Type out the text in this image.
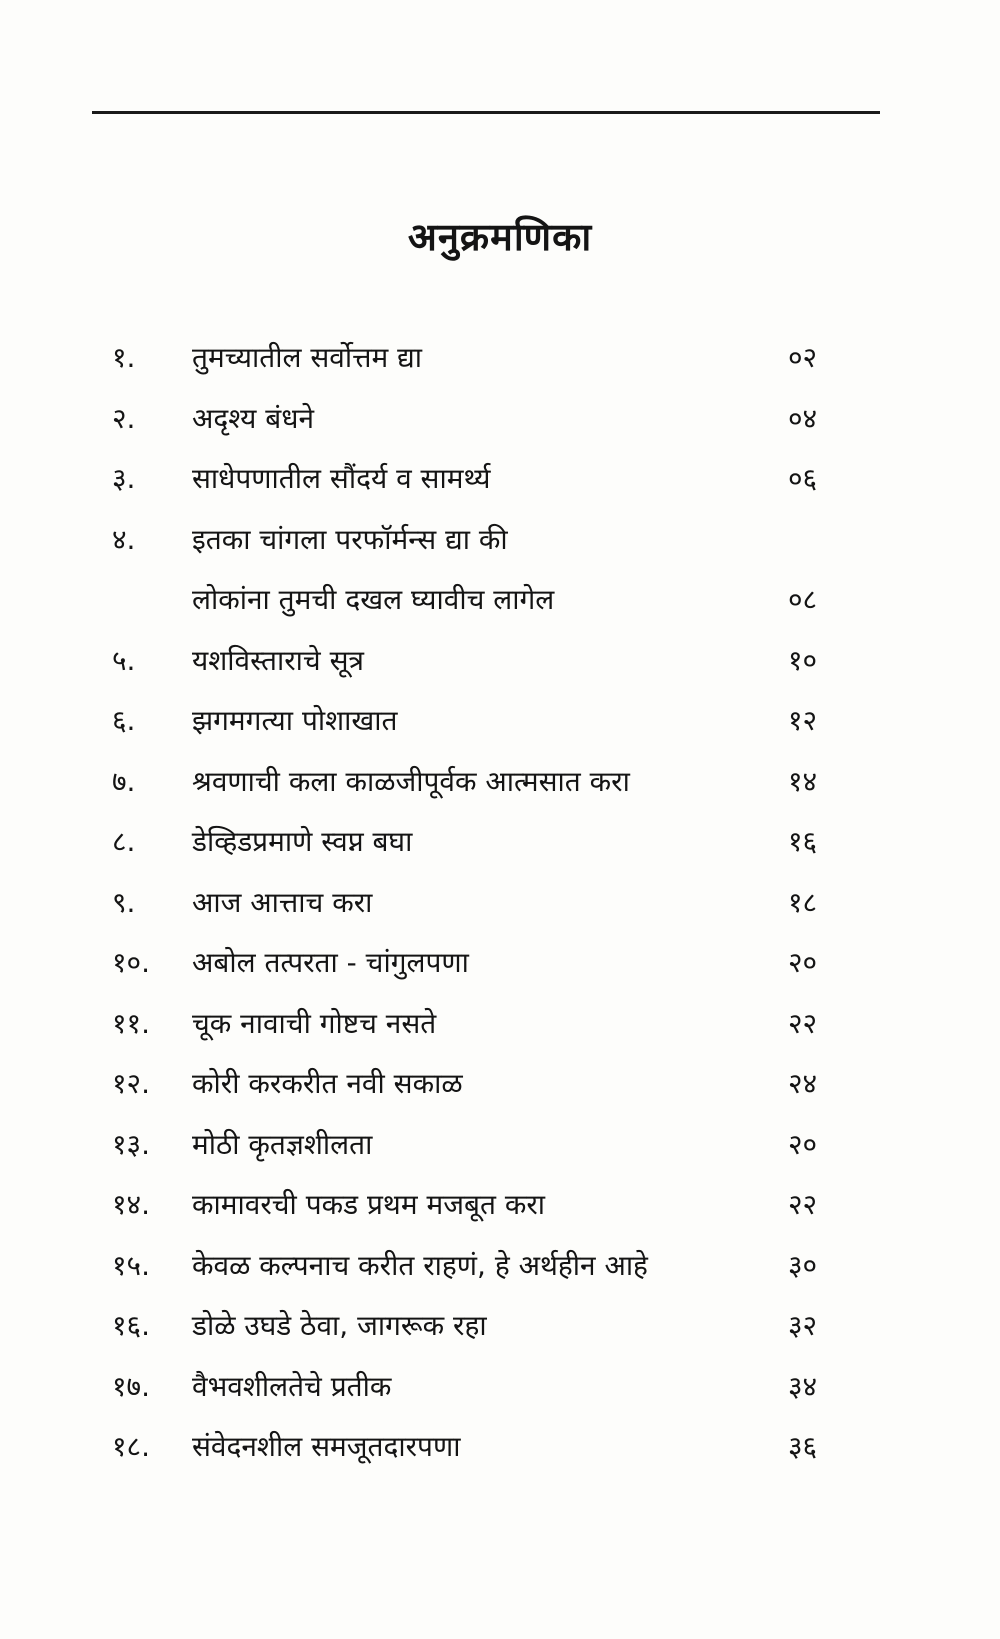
अनुक्रमणिका
१. तुमच्यातील सर्वोत्तम द्या	०२
२. अदृश्य बंधने	०४
३. साधेपणातील सौंदर्य व सामर्थ्य	०६
४. इतका चांगला परफॉर्मन्स द्या की
लोकांना तुमची दखल घ्यावीच लागेल	०८
५. यशविस्ताराचे सूत्र	१०
६. झगमगत्या पोशाखात	१२
७. श्रवणाची कला काळजीपूर्वक आत्मसात करा	१४
८. डेव्हिडप्रमाणे स्वप्न बघा	१६
९. आज आत्ताच करा	१८
१०. अबोल तत्परता - चांगुलपणा	२०
११. चूक नावाची गोष्टच नसते	२२
१२. कोरी करकरीत नवी सकाळ	२४
१३. मोठी कृतज्ञशीलता	२०
१४. कामावरची पकड प्रथम मजबूत करा	२२
१५. केवळ कल्पनाच करीत राहणं, हे अर्थहीन आहे	३०
१६. डोळे उघडे ठेवा, जागरूक रहा	३२
१७. वैभवशीलतेचे प्रतीक	३४
१८. संवेदनशील समजूतदारपणा	३६
